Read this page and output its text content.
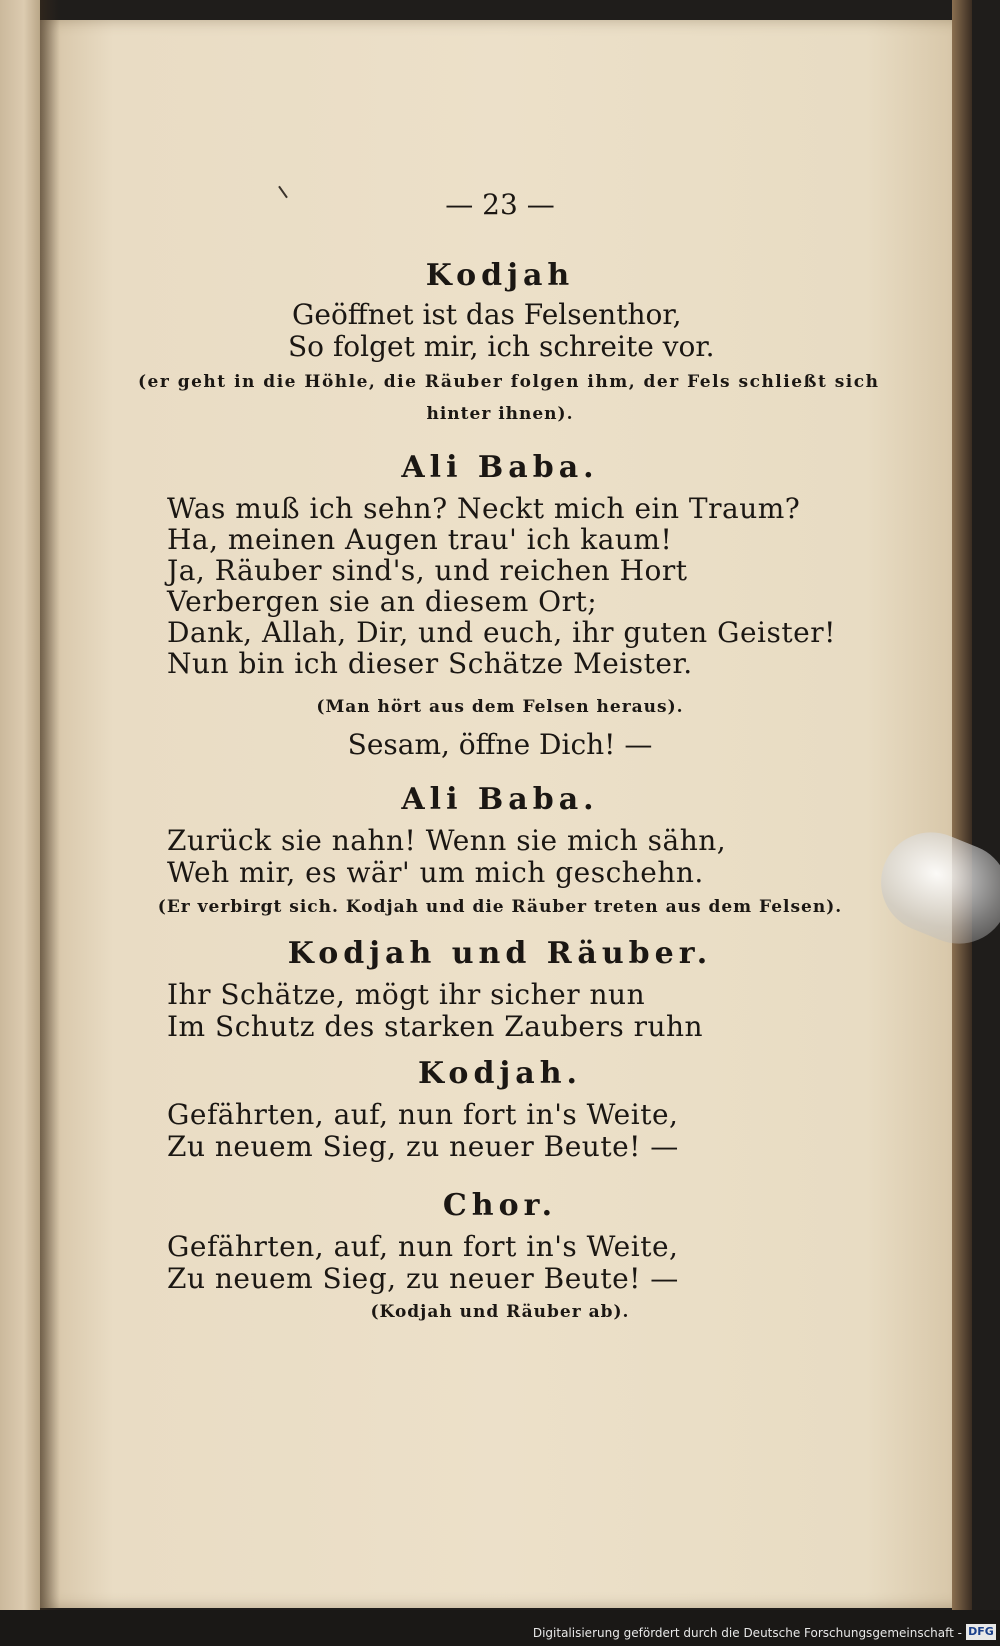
— 23 —
Kodjah
Geöffnet ist das Felsenthor,
So folget mir, ich schreite vor.
(er geht in die Höhle, die Räuber folgen ihm, der Fels schließt sich
hinter ihnen).
Ali Baba.
Was muß ich sehn? Neckt mich ein Traum?
Ha, meinen Augen trau' ich kaum!
Ja, Räuber sind's, und reichen Hort
Verbergen sie an diesem Ort;
Dank, Allah, Dir, und euch, ihr guten Geister!
Nun bin ich dieser Schätze Meister.
(Man hört aus dem Felsen heraus).
Sesam, öffne Dich! —
Ali Baba.
Zurück sie nahn! Wenn sie mich sähn,
Weh mir, es wär' um mich geschehn.
(Er verbirgt sich. Kodjah und die Räuber treten aus dem Felsen).
Kodjah und Räuber.
Ihr Schätze, mögt ihr sicher nun
Im Schutz des starken Zaubers ruhn
Kodjah.
Gefährten, auf, nun fort in's Weite,
Zu neuem Sieg, zu neuer Beute! —
Chor.
Gefährten, auf, nun fort in's Weite,
Zu neuem Sieg, zu neuer Beute! —
(Kodjah und Räuber ab).
Digitalisierung gefördert durch die Deutsche Forschungsgemeinschaft - DFG
